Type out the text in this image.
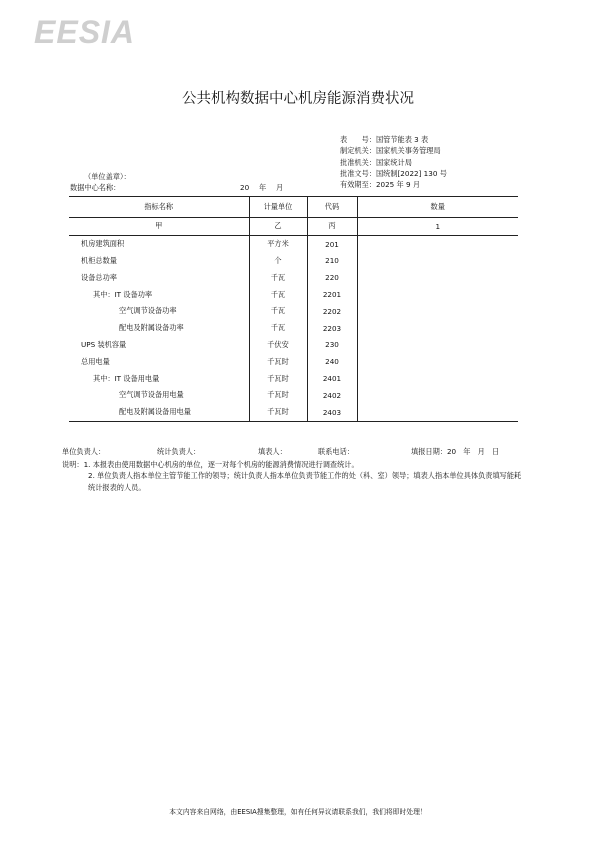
EESIA
公共机构数据中心机房能源消费状况
表　　号：国管节能表 3 表
制定机关：国家机关事务管理局
批准机关：国家统计局
批准文号：国统制[2022] 130 号
有效期至：2025 年 9 月
（单位盖章）：
数据中心名称：	20 年 月
指标名称	计量单位	代码	数量
甲	乙	丙	1
机房建筑面积	平方米	201	
机柜总数量	个	210	
设备总功率	千瓦	220	
其中：IT 设备功率	千瓦	2201	
空气调节设备功率	千瓦	2202	
配电及附属设备功率	千瓦	2203	
UPS 装机容量	千伏安	230	
总用电量	千瓦时	240	
其中：IT 设备用电量	千瓦时	2401	
空气调节设备用电量	千瓦时	2402	
配电及附属设备用电量	千瓦时	2403	
单位负责人：	统计负责人：	填表人：	联系电话：	填报日期：20　年　月　日

说明：1. 本报表由使用数据中心机房的单位，逐一对每个机房的能源消费情况进行调查统计。

2. 单位负责人指本单位主管节能工作的领导；统计负责人指本单位负责节能工作的处（科、室）领导；填表人指本单位具体负责填写能耗统计报表的人员。

本文内容来自网络，由EESIA搜集整理，如有任何异议请联系我们，我们将即时处理！
